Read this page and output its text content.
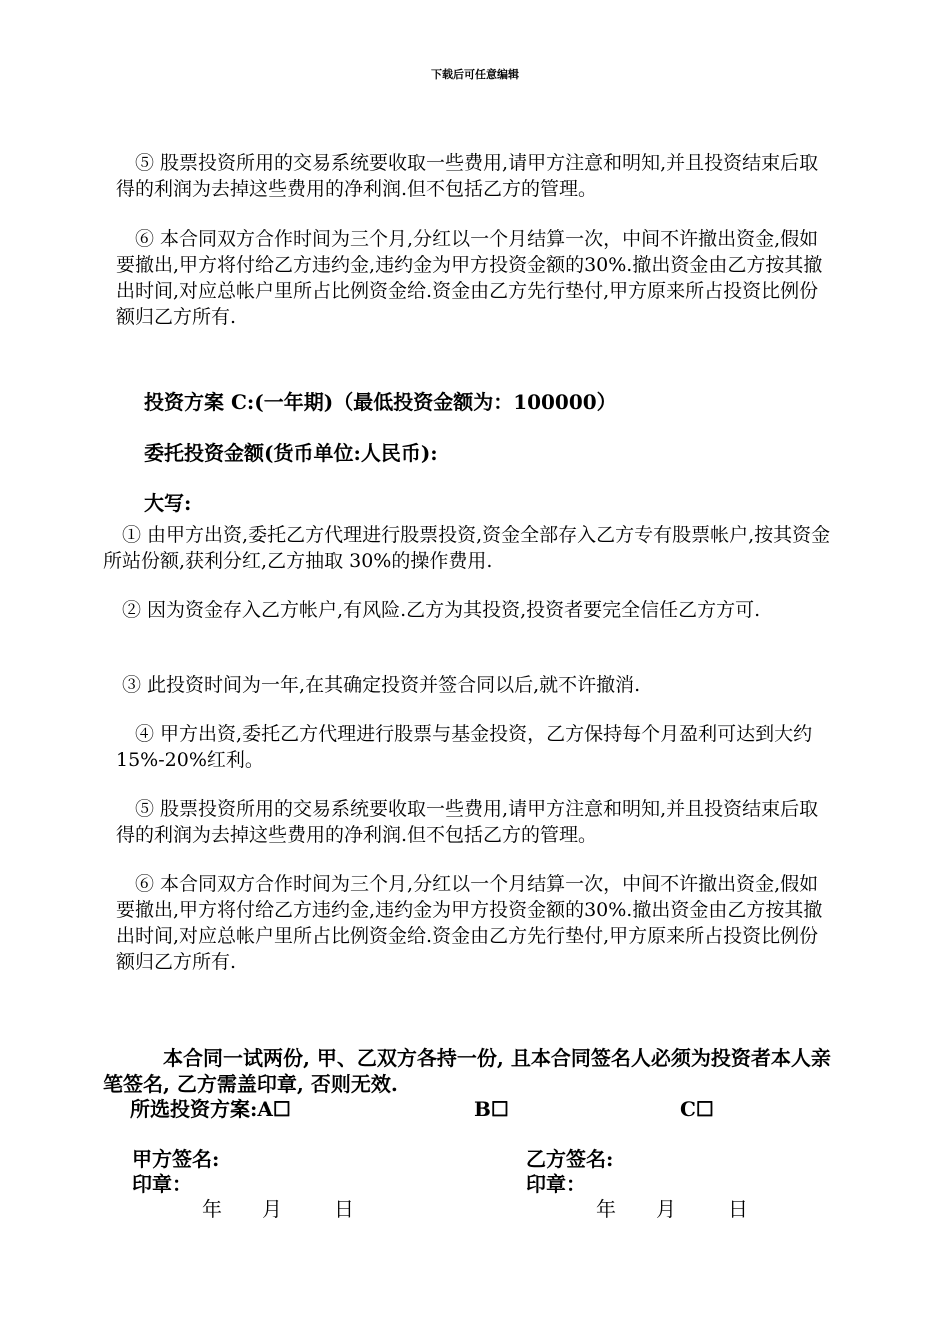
下载后可任意编辑

　⑤ 股票投资所用的交易系统要收取一些费用,请甲方注意和明知,并且投资结束后取得的利润为去掉这些费用的净利润.但不包括乙方的管理。

　⑥ 本合同双方合作时间为三个月,分红以一个月结算一次，中间不许撤出资金,假如要撤出,甲方将付给乙方违约金,违约金为甲方投资金额的30%.撤出资金由乙方按其撤出时间,对应总帐户里所占比例资金给.资金由乙方先行垫付,甲方原来所占投资比例份额归乙方所有.

投资方案 C:(一年期)（最低投资金额为：100000）
委托投资金额(货币单位:人民币):
大写:

　① 由甲方出资,委托乙方代理进行股票投资,资金全部存入乙方专有股票帐户,按其资金所站份额,获利分红,乙方抽取 30%的操作费用.

　② 因为资金存入乙方帐户,有风险.乙方为其投资,投资者要完全信任乙方方可.

　③ 此投资时间为一年,在其确定投资并签合同以后,就不许撤消.

　④ 甲方出资,委托乙方代理进行股票与基金投资，乙方保持每个月盈利可达到大约 15%-20%红利。

　⑤ 股票投资所用的交易系统要收取一些费用,请甲方注意和明知,并且投资结束后取得的利润为去掉这些费用的净利润.但不包括乙方的管理。

　⑥ 本合同双方合作时间为三个月,分红以一个月结算一次，中间不许撤出资金,假如要撤出,甲方将付给乙方违约金,违约金为甲方投资金额的30%.撤出资金由乙方按其撤出时间,对应总帐户里所占比例资金给.资金由乙方先行垫付,甲方原来所占投资比例份额归乙方所有.

　　　本合同一试两份, 甲、乙双方各持一份, 且本合同签名人必须为投资者本人亲笔签名, 乙方需盖印章, 否则无效.

所选投资方案:A☐	B☐	C☐
甲方签名:
印章：
乙方签名:
印章：
年 月	日	年 月	日
